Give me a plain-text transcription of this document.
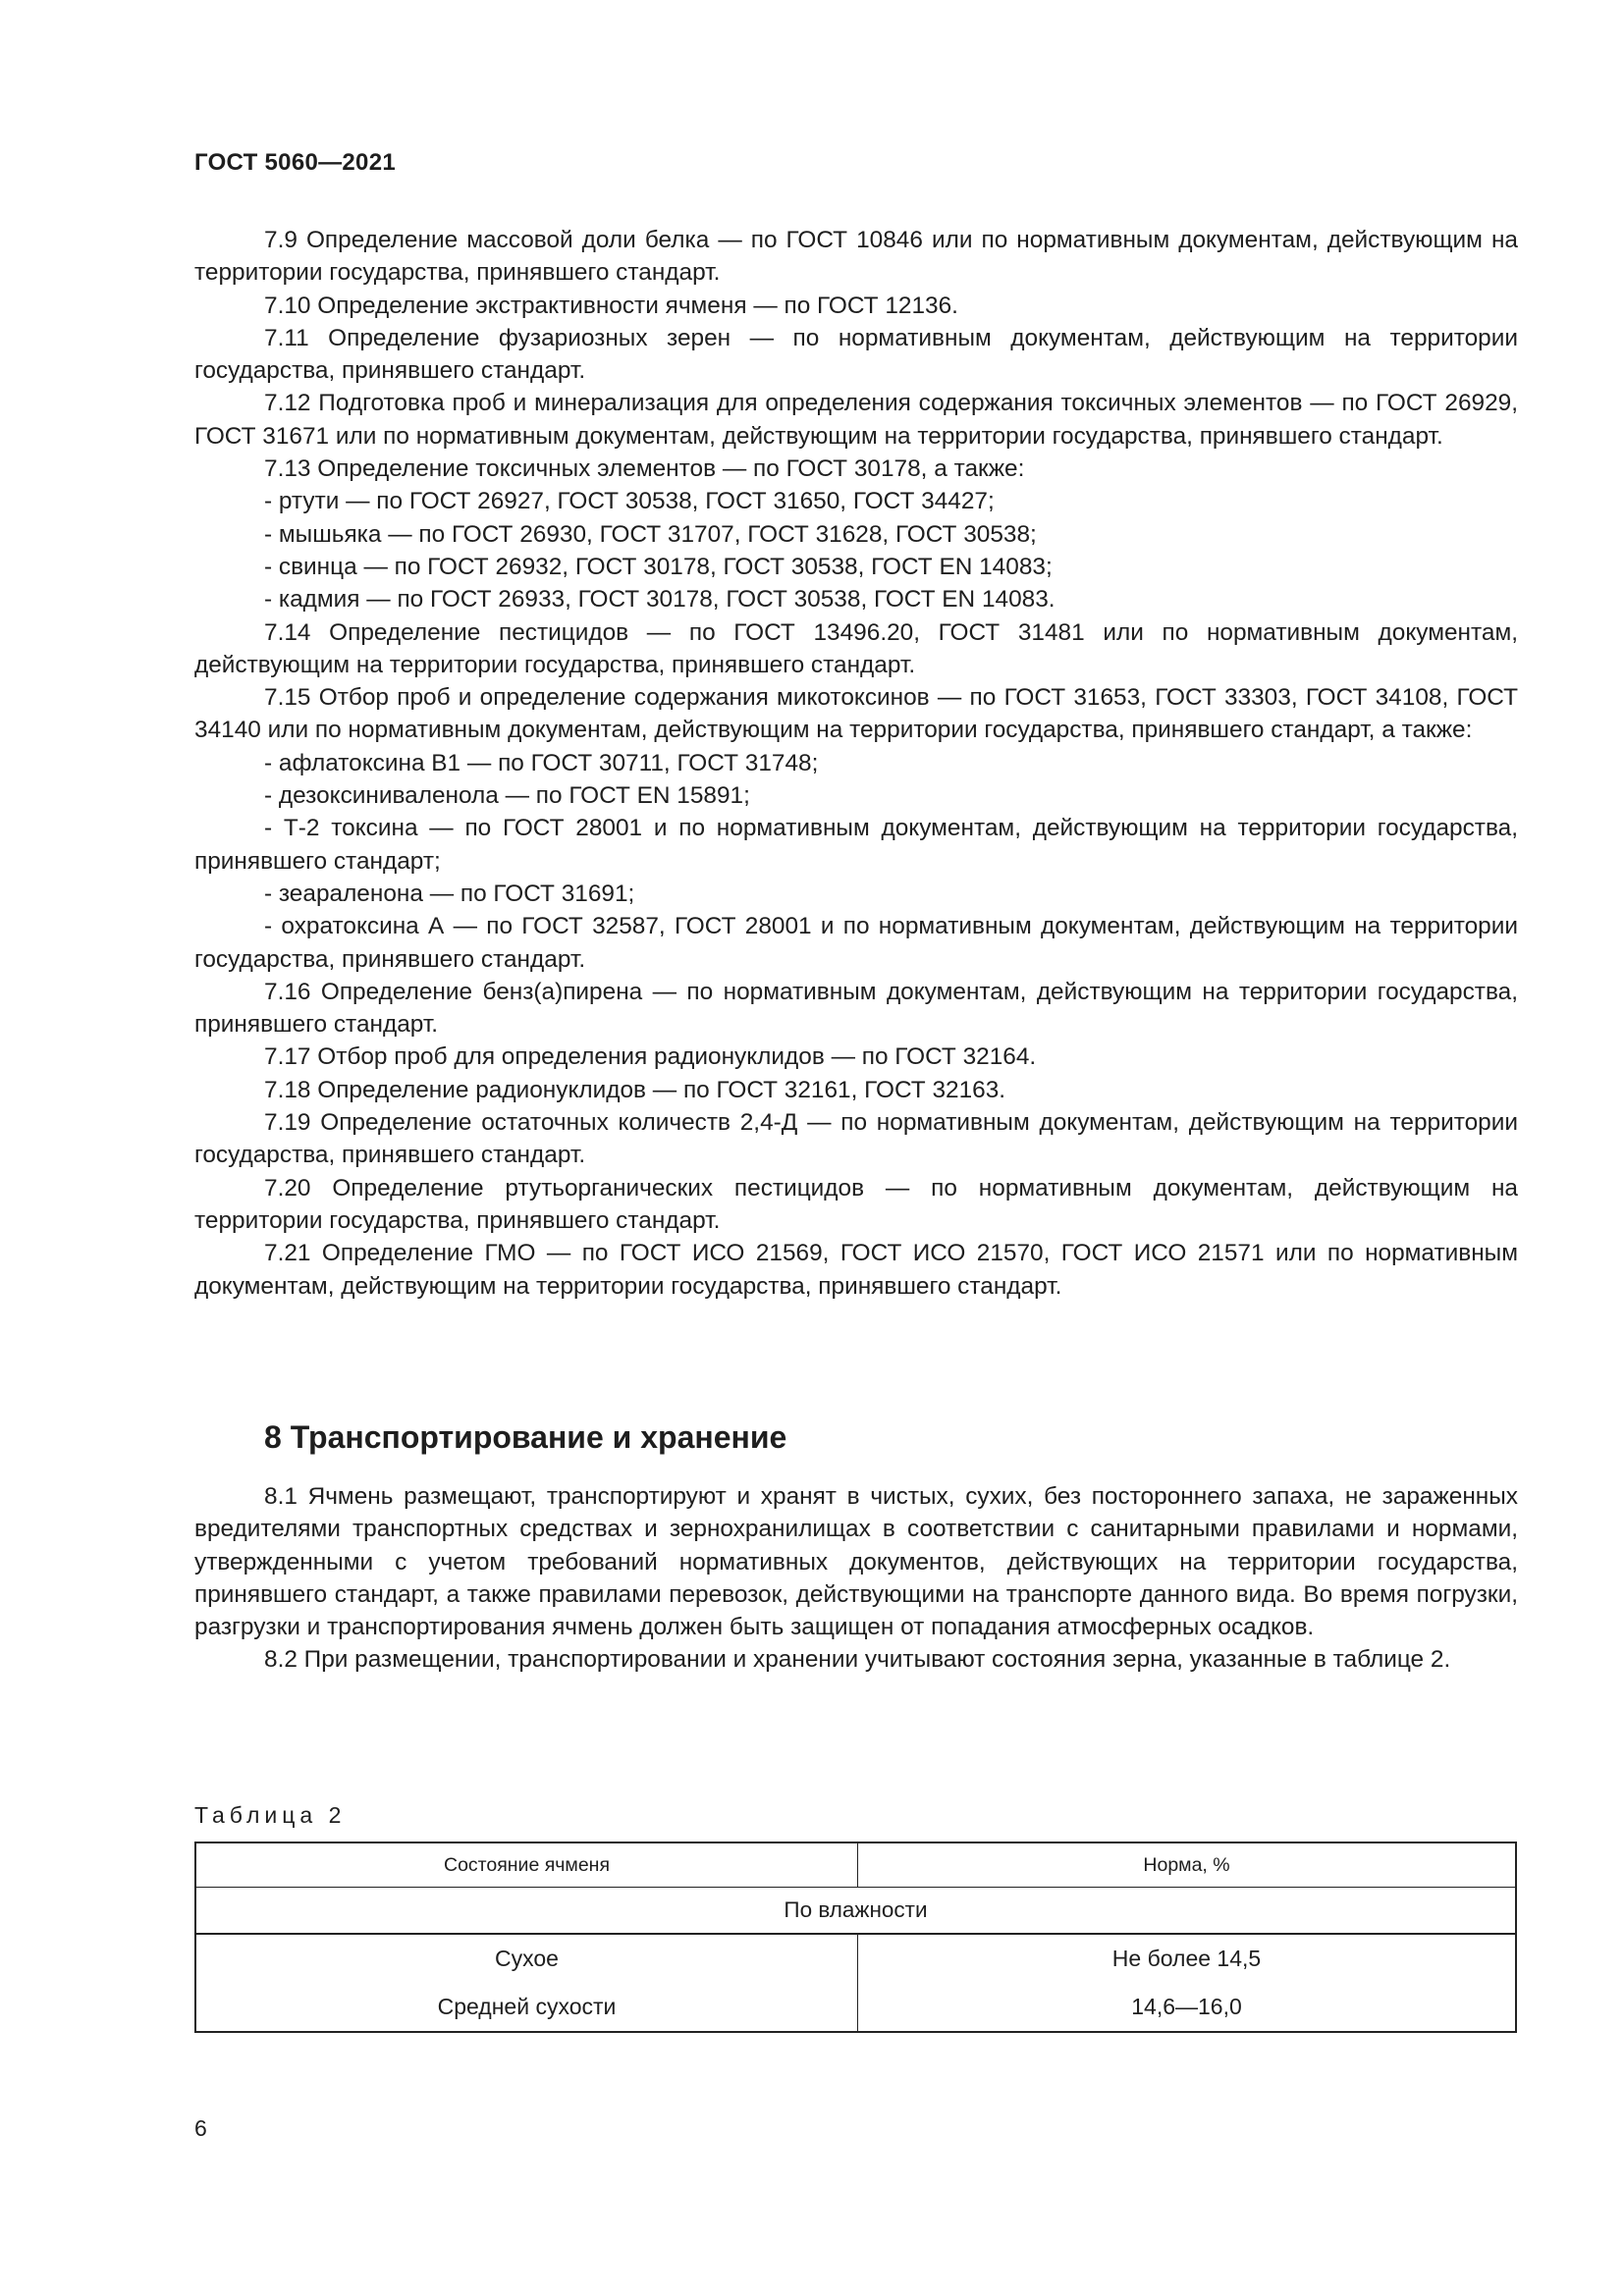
ГОСТ 5060—2021

7.9 Определение массовой доли белка — по ГОСТ 10846 или по нормативным документам, действующим на территории государства, принявшего стандарт.

7.10 Определение экстрактивности ячменя — по ГОСТ 12136.

7.11 Определение фузариозных зерен — по нормативным документам, действующим на территории государства, принявшего стандарт.

7.12 Подготовка проб и минерализация для определения содержания токсичных элементов — по ГОСТ 26929, ГОСТ 31671 или по нормативным документам, действующим на территории государства, принявшего стандарт.

7.13 Определение токсичных элементов — по ГОСТ 30178, а также:

- ртути — по ГОСТ 26927, ГОСТ 30538, ГОСТ 31650, ГОСТ 34427;

- мышьяка — по ГОСТ 26930, ГОСТ 31707, ГОСТ 31628, ГОСТ 30538;

- свинца — по ГОСТ 26932, ГОСТ 30178, ГОСТ 30538, ГОСТ EN 14083;

- кадмия — по ГОСТ 26933, ГОСТ 30178, ГОСТ 30538, ГОСТ EN 14083.

7.14 Определение пестицидов — по ГОСТ 13496.20, ГОСТ 31481 или по нормативным документам, действующим на территории государства, принявшего стандарт.

7.15 Отбор проб и определение содержания микотоксинов — по ГОСТ 31653, ГОСТ 33303, ГОСТ 34108, ГОСТ 34140 или по нормативным документам, действующим на территории государства, принявшего стандарт, а также:

- афлатоксина В1 — по ГОСТ 30711, ГОСТ 31748;

- дезоксиниваленола — по ГОСТ EN 15891;

- Т-2 токсина — по ГОСТ 28001 и по нормативным документам, действующим на территории государства, принявшего стандарт;

- зеараленона — по ГОСТ 31691;

- охратоксина А — по ГОСТ 32587, ГОСТ 28001 и по нормативным документам, действующим на территории государства, принявшего стандарт.

7.16 Определение бенз(а)пирена — по нормативным документам, действующим на территории государства, принявшего стандарт.

7.17 Отбор проб для определения радионуклидов — по ГОСТ 32164.

7.18 Определение радионуклидов — по ГОСТ 32161, ГОСТ 32163.

7.19 Определение остаточных количеств 2,4-Д — по нормативным документам, действующим на территории государства, принявшего стандарт.

7.20 Определение ртутьорганических пестицидов — по нормативным документам, действующим на территории государства, принявшего стандарт.

7.21 Определение ГМО — по ГОСТ ИСО 21569, ГОСТ ИСО 21570, ГОСТ ИСО 21571 или по нормативным документам, действующим на территории государства, принявшего стандарт.

8 Транспортирование и хранение

8.1 Ячмень размещают, транспортируют и хранят в чистых, сухих, без постороннего запаха, не зараженных вредителями транспортных средствах и зернохранилищах в соответствии с санитарными правилами и нормами, утвержденными с учетом требований нормативных документов, действующих на территории государства, принявшего стандарт, а также правилами перевозок, действующими на транспорте данного вида. Во время погрузки, разгрузки и транспортирования ячмень должен быть защищен от попадания атмосферных осадков.

8.2 При размещении, транспортировании и хранении учитывают состояния зерна, указанные в таблице 2.

Таблица 2
Состояние ячменя	Норма, %
По влажности	
Сухое	Не более 14,5
Средней сухости	14,6—16,0
6
